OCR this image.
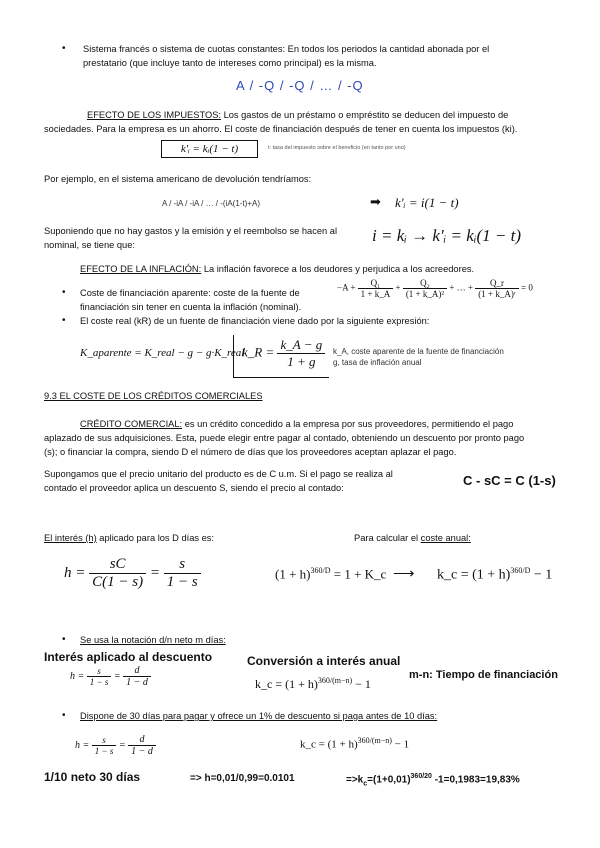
• Sistema francés o sistema de cuotas constantes: En todos los periodos la cantidad abonada por el
prestatario (que incluye tanto de intereses como principal) es la misma.
A / -Q / -Q / … / -Q
EFECTO DE LOS IMPUESTOS: Los gastos de un préstamo o empréstito se deducen del impuesto de
sociedades. Para la empresa es un ahorro. El coste de financiación después de tener en cuenta los impuestos (ki).
k'ᵢ = kᵢ(1 − t)	t: tasa del impuesto sobre el beneficio (en tanto por uno)
Por ejemplo, en el sistema americano de devolución tendríamos:
A / -iA / -iA / … / -(iA(1-t)+A)	➡ k'ᵢ = i(1 − t)
Suponiendo que no hay gastos y la emisión y el reembolso se hacen al
nominal, se tiene que:	i = kᵢ → k'ᵢ = kᵢ(1 − t)
EFECTO DE LA INFLACIÓN: La inflación favorece a los deudores y perjudica a los acreedores.
• Coste de financiación aparente: coste de la fuente de
financiación sin tener en cuenta la inflación (nominal).
$-A + \frac{\text{Q₁}}{1 + k\_A} + \frac{\text{Q₂}}{\text{(1 + k\_A)²}}$ + … + $\frac{Q\_r}{\text{(1 + k\_A)ʳ}} = 0$
• El coste real (kR) de un fuente de financiación viene dado por la siguiente expresión:
K_aparente = K_real − g − g·K_real
k_R = $\frac{k\_A - g}{1 + g}$ k_A, coste aparente de la fuente de financiación
g, tasa de inflación anual
9.3 EL COSTE DE LOS CRÉDITOS COMERCIALES
CRÉDITO COMERCIAL: es un crédito concedido a la empresa por sus proveedores, permitiendo el pago
aplazado de sus adquisiciones. Esta, puede elegir entre pagar al contado, obteniendo un descuento por pronto pago
(s); o financiar la compra, siendo D el número de días que los proveedores aceptan aplazar el pago.
Supongamos que el precio unitario del producto es de C u.m. Si el pago se realiza al
contado el proveedor aplica un descuento S, siendo el precio al contado:	C - sC = C (1-s)
El interés (h) aplicado para los D días es:	Para calcular el coste anual:
$h = \frac{sC}{C(1 - s)} = \frac{s}{1 - s}$	$(1 + h)^{360/D} = 1$ + K_c ⟶ k_c = $(1 + h)^{360/D} - 1$
• Se usa la notación d/n neto m días:
Interés aplicado al descuento	Conversión a interés anual
m-n: Tiempo de financiación
$h = \frac{s}{1 - s} = \frac{d}{1 - d}$	k_c = $(1 + h)^{360/(m-n)} - 1$
• Dispone de 30 días para pagar y ofrece un 1% de descuento si paga antes de 10 días:
$h = \frac{s}{1 - s} = \frac{d}{1 - d}$	k_c = $(1 + h)^{360/(m-n)} - 1$
1/10 neto 30 días	=> h=0,01/0,99=0.0101	$=>k_c=(1+0,01)^{360/20}$ -1=0,1983=19,83%
